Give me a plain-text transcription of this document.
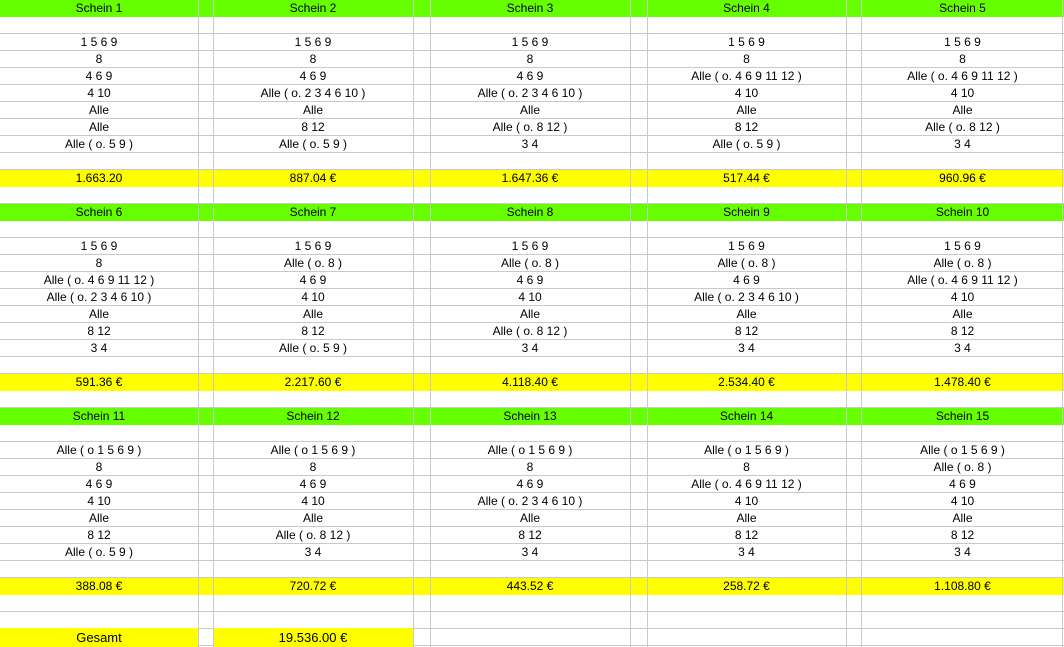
Schein 1
1 5 6 9
8
4 6 9
4 10
Alle
Alle
Alle ( o. 5 9 )
1.663.20
Schein 2
1 5 6 9
8
4 6 9
Alle ( o. 2 3 4 6 10 )
Alle
8 12
Alle ( o. 5 9 )
887.04 €
Schein 3
1 5 6 9
8
4 6 9
Alle ( o. 2 3 4 6 10 )
Alle
Alle ( o. 8 12 )
3 4
1.647.36 €
Schein 4
1 5 6 9
8
Alle ( o. 4 6 9 11 12 )
4 10
Alle
8 12
Alle ( o. 5 9 )
517.44 €
Schein 5
1 5 6 9
8
Alle ( o. 4 6 9 11 12 )
4 10
Alle
Alle ( o. 8 12 )
3 4
960.96 €
Schein 6
1 5 6 9
8
Alle ( o. 4 6 9 11 12 )
Alle ( o. 2 3 4 6 10 )
Alle
8 12
3 4
591.36 €
Schein 7
1 5 6 9
Alle ( o. 8 )
4 6 9
4 10
Alle
8 12
Alle ( o. 5 9 )
2.217.60 €
Schein 8
1 5 6 9
Alle ( o. 8 )
4 6 9
4 10
Alle
Alle ( o. 8 12 )
3 4
4.118.40 €
Schein 9
1 5 6 9
Alle ( o. 8 )
4 6 9
Alle ( o. 2 3 4 6 10 )
Alle
8 12
3 4
2.534.40 €
Schein 10
1 5 6 9
Alle ( o. 8 )
Alle ( o. 4 6 9 11 12 )
4 10
Alle
8 12
3 4
1.478.40 €
Schein 11
Alle ( o 1 5 6 9 )
8
4 6 9
4 10
Alle
8 12
Alle ( o. 5 9 )
388.08 €
Schein 12
Alle ( o 1 5 6 9 )
8
4 6 9
4 10
Alle
Alle ( o. 8 12 )
3 4
720.72 €
Schein 13
Alle ( o 1 5 6 9 )
8
4 6 9
Alle ( o. 2 3 4 6 10 )
Alle
8 12
3 4
443.52 €
Schein 14
Alle ( o 1 5 6 9 )
8
Alle ( o. 4 6 9 11 12 )
4 10
Alle
8 12
3 4
258.72 €
Schein 15
Alle ( o 1 5 6 9 )
Alle ( o. 8 )
4 6 9
4 10
Alle
8 12
3 4
1.108.80 €
Gesamt	19.536.00 €
